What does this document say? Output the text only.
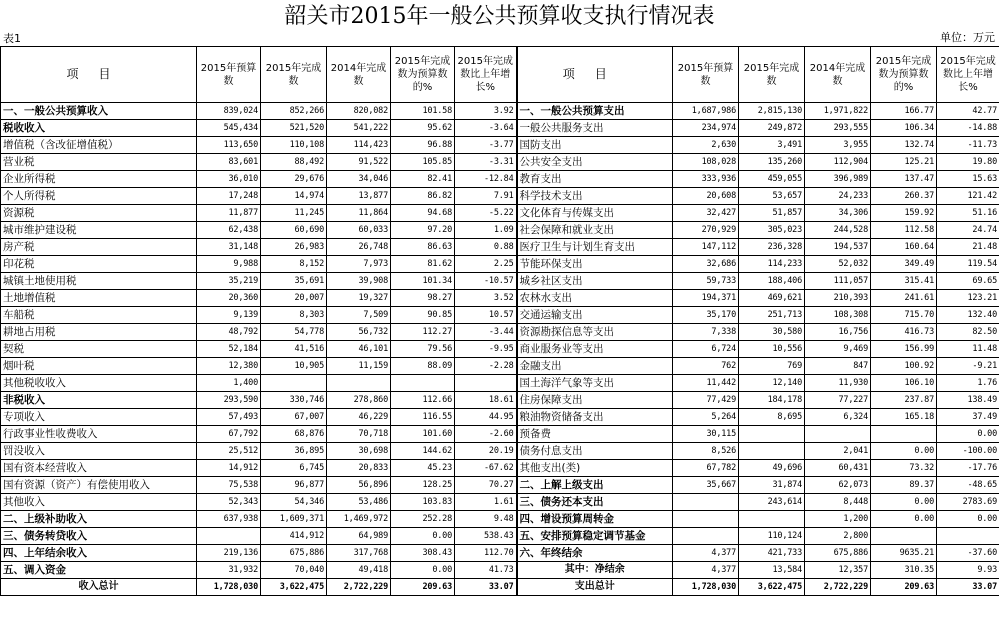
韶关市2015年一般公共预算收支执行情况表
表1	单位：万元
项目	2015年预算数	2015年完成数	2014年完成数	2015年完成数为预算数的%	2015年完成数比上年增长%	项目	2015年预算数	2015年完成数	2014年完成数	2015年完成数为预算数的%	2015年完成数比上年增长%
一、一般公共预算收入	839,024	852,266	820,082	101.58	3.92	一、一般公共预算支出	1,687,986	2,815,130	1,971,822	166.77	42.77
税收收入	545,434	521,520	541,222	95.62	-3.64	一般公共服务支出	234,974	249,872	293,555	106.34	-14.88
增值税（含改征增值税）	113,650	110,108	114,423	96.88	-3.77	国防支出	2,630	3,491	3,955	132.74	-11.73
营业税	83,601	88,492	91,522	105.85	-3.31	公共安全支出	108,028	135,260	112,904	125.21	19.80
企业所得税	36,010	29,676	34,046	82.41	-12.84	教育支出	333,936	459,055	396,989	137.47	15.63
个人所得税	17,248	14,974	13,877	86.82	7.91	科学技术支出	20,608	53,657	24,233	260.37	121.42
资源税	11,877	11,245	11,864	94.68	-5.22	文化体育与传媒支出	32,427	51,857	34,306	159.92	51.16
城市维护建设税	62,438	60,690	60,033	97.20	1.09	社会保障和就业支出	270,929	305,023	244,528	112.58	24.74
房产税	31,148	26,983	26,748	86.63	0.88	医疗卫生与计划生育支出	147,112	236,328	194,537	160.64	21.48
印花税	9,988	8,152	7,973	81.62	2.25	节能环保支出	32,686	114,233	52,032	349.49	119.54
城镇土地使用税	35,219	35,691	39,908	101.34	-10.57	城乡社区支出	59,733	188,406	111,057	315.41	69.65
土地增值税	20,360	20,007	19,327	98.27	3.52	农林水支出	194,371	469,621	210,393	241.61	123.21
车船税	9,139	8,303	7,509	90.85	10.57	交通运输支出	35,170	251,713	108,308	715.70	132.40
耕地占用税	48,792	54,778	56,732	112.27	-3.44	资源勘探信息等支出	7,338	30,580	16,756	416.73	82.50
契税	52,184	41,516	46,101	79.56	-9.95	商业服务业等支出	6,724	10,556	9,469	156.99	11.48
烟叶税	12,380	10,905	11,159	88.09	-2.28	金融支出	762	769	847	100.92	-9.21
其他税收收入	1,400					国土海洋气象等支出	11,442	12,140	11,930	106.10	1.76
非税收入	293,590	330,746	278,860	112.66	18.61	住房保障支出	77,429	184,178	77,227	237.87	138.49
专项收入	57,493	67,007	46,229	116.55	44.95	粮油物资储备支出	5,264	8,695	6,324	165.18	37.49
行政事业性收费收入	67,792	68,876	70,718	101.60	-2.60	预备费	30,115				0.00
罚没收入	25,512	36,895	30,698	144.62	20.19	债务付息支出	8,526		2,041	0.00	-100.00
国有资本经营收入	14,912	6,745	20,833	45.23	-67.62	其他支出(类)	67,782	49,696	60,431	73.32	-17.76
国有资源（资产）有偿使用收入	75,538	96,877	56,896	128.25	70.27	二、上解上级支出	35,667	31,874	62,073	89.37	-48.65
其他收入	52,343	54,346	53,486	103.83	1.61	三、债务还本支出		243,614	8,448	0.00	2783.69
二、上级补助收入	637,938	1,609,371	1,469,972	252.28	9.48	四、增设预算周转金			1,200	0.00	0.00
三、债务转贷收入		414,912	64,989	0.00	538.43	五、安排预算稳定调节基金		110,124	2,800		
四、上年结余收入	219,136	675,886	317,768	308.43	112.70	六、年终结余	4,377	421,733	675,886	9635.21	-37.60
五、调入资金	31,932	70,040	49,418	0.00	41.73	其中：净结余	4,377	13,584	12,357	310.35	9.93
收入总计	1,728,030	3,622,475	2,722,229	209.63	33.07	支出总计	1,728,030	3,622,475	2,722,229	209.63	33.07
